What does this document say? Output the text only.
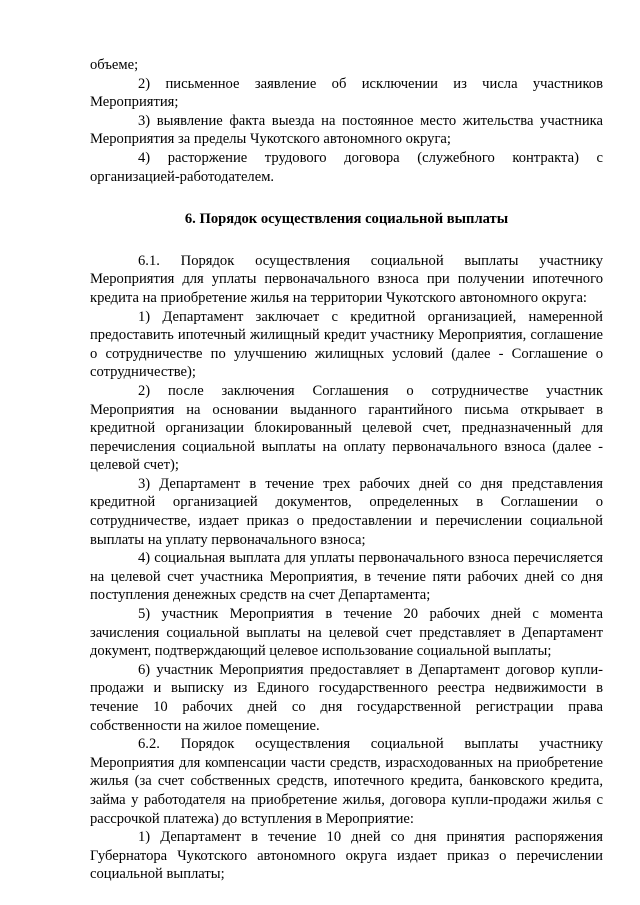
объеме;

2) письменное заявление об исключении из числа участников Мероприятия;

3) выявление факта выезда на постоянное место жительства участника Мероприятия за пределы Чукотского автономного округа;

4) расторжение трудового договора (служебного контракта) с организацией-работодателем.

6. Порядок осуществления социальной выплаты

6.1. Порядок осуществления социальной выплаты участнику Мероприятия для уплаты первоначального взноса при получении ипотечного кредита на приобретение жилья на территории Чукотского автономного округа:

1) Департамент заключает с кредитной организацией, намеренной предоставить ипотечный жилищный кредит участнику Мероприятия, соглашение о сотрудничестве по улучшению жилищных условий (далее - Соглашение о сотрудничестве);

2) после заключения Соглашения о сотрудничестве участник Мероприятия на основании выданного гарантийного письма открывает в кредитной организации блокированный целевой счет, предназначенный для перечисления социальной выплаты на оплату первоначального взноса (далее - целевой счет);

3) Департамент в течение трех рабочих дней со дня представления кредитной организацией документов, определенных в Соглашении о сотрудничестве, издает приказ о предоставлении и перечислении социальной выплаты на уплату первоначального взноса;

4) социальная выплата для уплаты первоначального взноса перечисляется на целевой счет участника Мероприятия, в течение пяти рабочих дней со дня поступления денежных средств на счет Департамента;

5) участник Мероприятия в течение 20 рабочих дней с момента зачисления социальной выплаты на целевой счет представляет в Департамент документ, подтверждающий целевое использование социальной выплаты;

6) участник Мероприятия предоставляет в Департамент договор купли-продажи и выписку из Единого государственного реестра недвижимости в течение 10 рабочих дней со дня государственной регистрации права собственности на жилое помещение.

6.2. Порядок осуществления социальной выплаты участнику Мероприятия для компенсации части средств, израсходованных на приобретение жилья (за счет собственных средств, ипотечного кредита, банковского кредита, займа у работодателя на приобретение жилья, договора купли-продажи жилья с рассрочкой платежа) до вступления в Мероприятие:

1) Департамент в течение 10 дней со дня принятия распоряжения Губернатора Чукотского автономного округа издает приказ о перечислении социальной выплаты;
